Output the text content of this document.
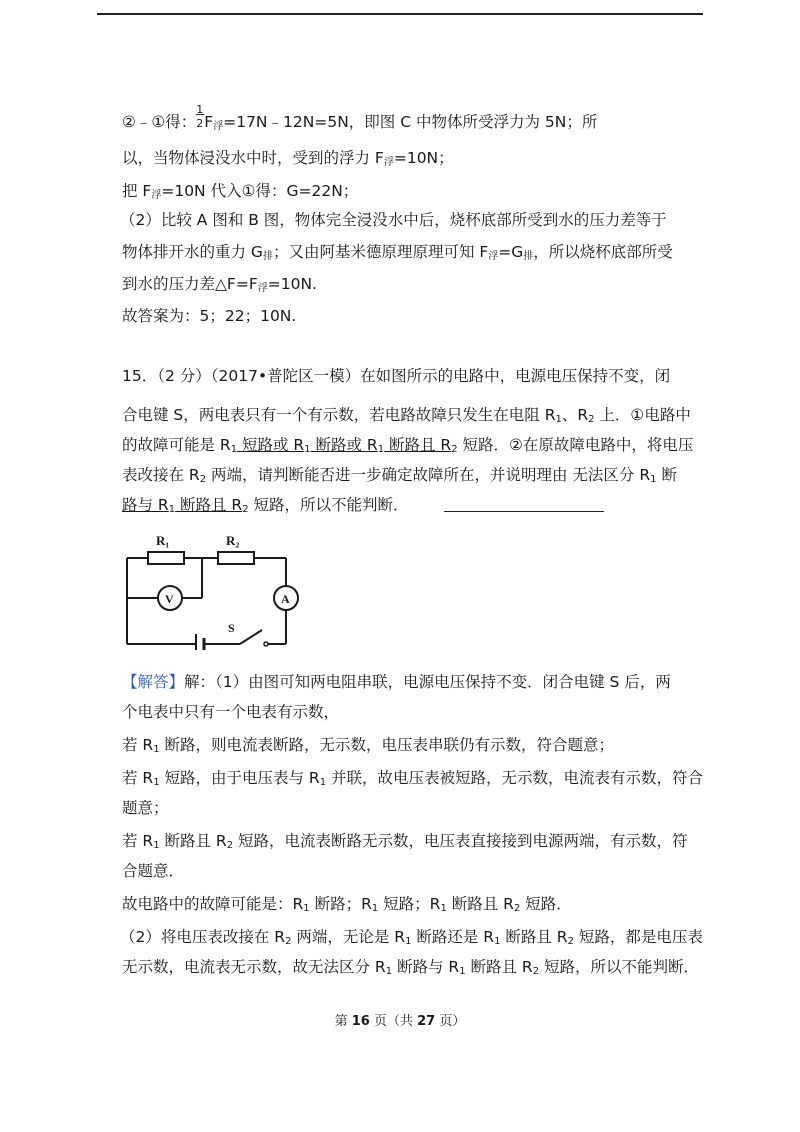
②﹣①得：
1
2 $F_浮=17N﹣12N=5N$，即图 C 中物体所受浮力为 5N；所
以，当物体浸没水中时，受到的浮力 $F_浮=10N$；
把 $F_浮=10N$ 代入①得：G=22N；
（2）比较 A 图和 B 图，物体完全浸没水中后，烧杯底部所受到水的压力差等于
物体排开水的重力 $G_排$；又由阿基米德原理原理可知 $F_浮=G_排$，所以烧杯底部所受
到水的压力差$\triangle F=F_浮=10N$.
故答案为：5；22；10N.
15．（2 分）（2017•普陀区一模）在如图所示的电路中，电源电压保持不变，闭
合电键 S，两电表只有一个有示数，若电路故障只发生在电阻 $R_1$、$R_2$ 上．①电路中
的故障可能是 $R_1$ 短路或 $R_1$ 断路或 $R_1$ 断路且 $R_2$ 短路．②在原故障电路中，将电压
表改接在 $R_2$ 两端，请判断能否进一步确定故障所在，并说明理由 无法区分 $R_1$ 断
路与 $R_1$ 断路且 $R_2$ 短路，所以不能判断．
R₁	R₂
V	A
S
【解答】解：（1）由图可知两电阻串联，电源电压保持不变．闭合电键 S 后，两
个电表中只有一个电表有示数，
若 $R_1$ 断路，则电流表断路，无示数，电压表串联仍有示数，符合题意；
若 $R_1$ 短路，由于电压表与 $R_1$ 并联，故电压表被短路，无示数，电流表有示数，符合
题意；
若 $R_1$ 断路且 $R_2$ 短路，电流表断路无示数，电压表直接接到电源两端，有示数，符
合题意．
故电路中的故障可能是：$R_1$ 断路；$R_1$ 短路；$R_1$ 断路且 $R_2$ 短路．
（2）将电压表改接在 $R_2$ 两端，无论是 $R_1$ 断路还是 $R_1$ 断路且 $R_2$ 短路，都是电压表
无示数，电流表无示数，故无法区分 $R_1$ 断路与 $R_1$ 断路且 $R_2$ 短路，所以不能判断．
第 16 页（共 27 页）
